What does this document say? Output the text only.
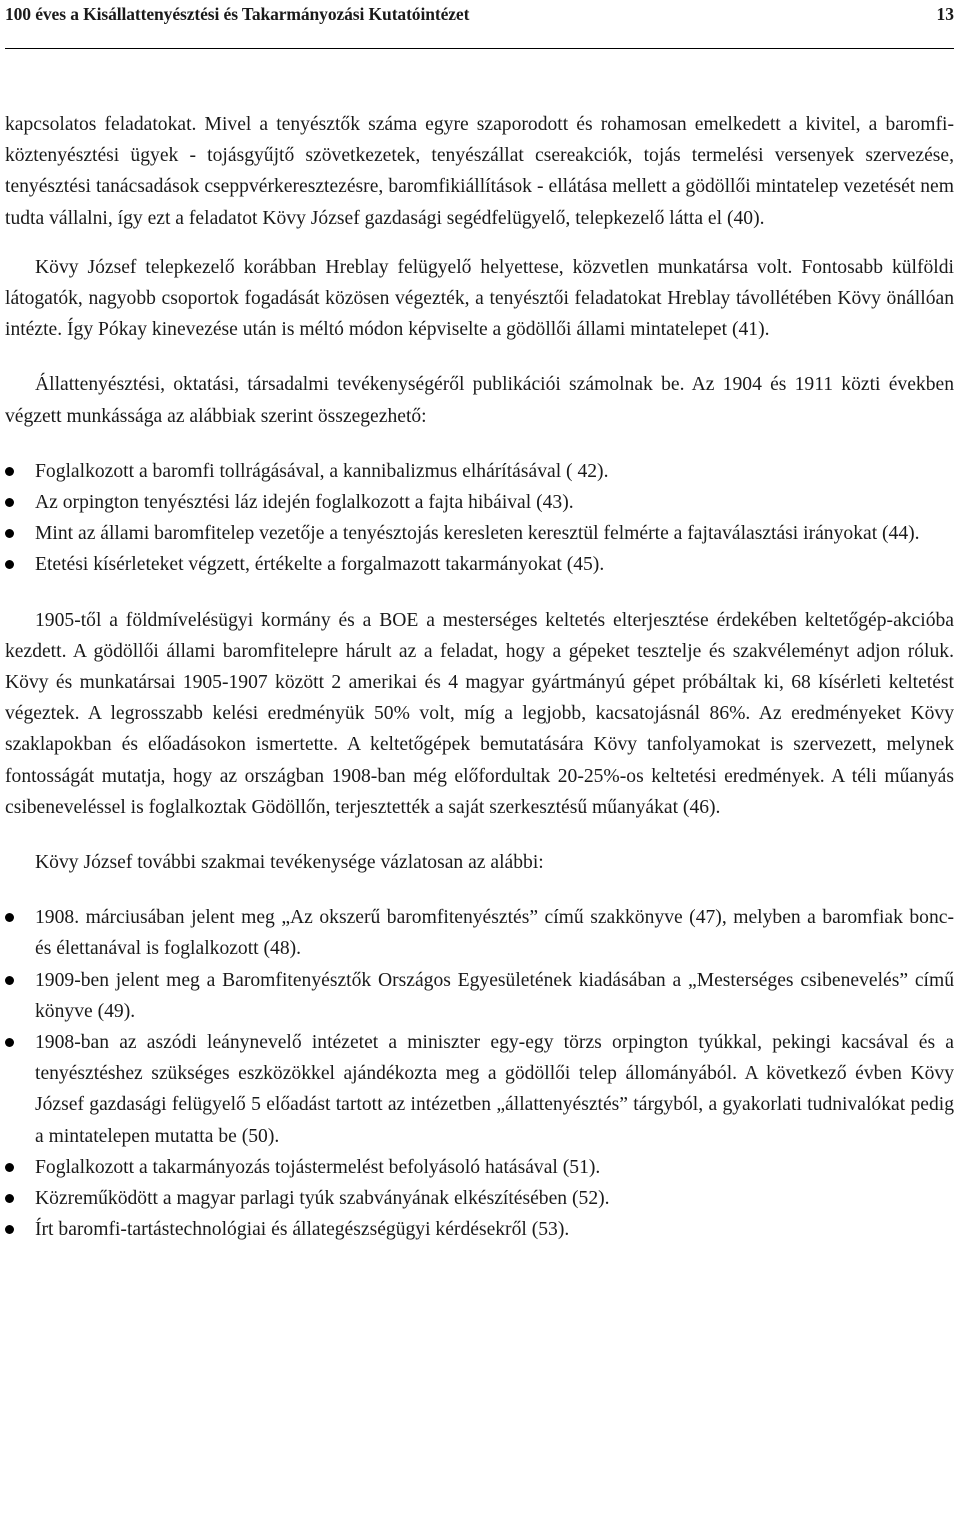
100 éves a Kisállattenyésztési és Takarmányozási Kutatóintézet	13

kapcsolatos feladatokat. Mivel a tenyésztők száma egyre szaporodott és rohamosan emelkedett a kivitel, a baromfi-köztenyésztési ügyek - tojásgyűjtő szövetkezetek, tenyészállat csereakciók, tojás termelési versenyek szervezése, tenyésztési tanácsadások cseppvérkeresztezésre, baromfikiállítások - ellátása mellett a gödöllői mintatelep vezetését nem tudta vállalni, így ezt a feladatot Kövy József gazdasági segédfelügyelő, telepkezelő látta el (40).

Kövy József telepkezelő korábban Hreblay felügyelő helyettese, közvetlen munkatársa volt. Fontosabb külföldi látogatók, nagyobb csoportok fogadását közösen végezték, a tenyésztői feladatokat Hreblay távollétében Kövy önállóan intézte. Így Pókay kinevezése után is méltó módon képviselte a gödöllői állami mintatelepet (41).

Állattenyésztési, oktatási, társadalmi tevékenységéről publikációi számolnak be. Az 1904 és 1911 közti években végzett munkássága az alábbiak szerint összegezhető:

Foglalkozott a baromfi tollrágásával, a kannibalizmus elhárításával ( 42).
Az orpington tenyésztési láz idején foglalkozott a fajta hibáival (43).
Mint az állami baromfitelep vezetője a tenyésztojás keresleten keresztül felmérte a fajtaválasztási irányokat (44).
Etetési kísérleteket végzett, értékelte a forgalmazott takarmányokat (45).

1905-től a földmívelésügyi kormány és a BOE a mesterséges keltetés elterjesztése érdekében keltetőgép-akcióba kezdett. A gödöllői állami baromfitelepre hárult az a feladat, hogy a gépeket tesztelje és szakvéleményt adjon róluk. Kövy és munkatársai 1905-1907 között 2 amerikai és 4 magyar gyártmányú gépet próbáltak ki, 68 kísérleti keltetést végeztek. A legrosszabb kelési eredményük 50% volt, míg a legjobb, kacsatojásnál 86%. Az eredményeket Kövy szaklapokban és előadásokon ismertette. A keltetőgépek bemutatására Kövy tanfolyamokat is szervezett, melynek fontosságát mutatja, hogy az országban 1908-ban még előfordultak 20-25%-os keltetési eredmények. A téli műanyás csibeneveléssel is foglalkoztak Gödöllőn, terjesztették a saját szerkesztésű műanyákat (46).

Kövy József további szakmai tevékenysége vázlatosan az alábbi:

1908. márciusában jelent meg „Az okszerű baromfitenyésztés” című szakkönyve (47), melyben a baromfiak bonc- és élettanával is foglalkozott (48).
1909-ben jelent meg a Baromfitenyésztők Országos Egyesületének kiadásában a „Mesterséges csibenevelés” című könyve (49).
1908-ban az aszódi leánynevelő intézetet a miniszter egy-egy törzs orpington tyúkkal, pekingi kacsával és a tenyésztéshez szükséges eszközökkel ajándékozta meg a gödöllői telep állományából. A következő évben Kövy József gazdasági felügyelő 5 előadást tartott az intézetben „állattenyésztés” tárgyból, a gyakorlati tudnivalókat pedig a mintatelepen mutatta be (50).
Foglalkozott a takarmányozás tojástermelést befolyásoló hatásával (51).
Közreműködött a magyar parlagi tyúk szabványának elkészítésében (52).
Írt baromfi-tartástechnológiai és állategészségügyi kérdésekről (53).
